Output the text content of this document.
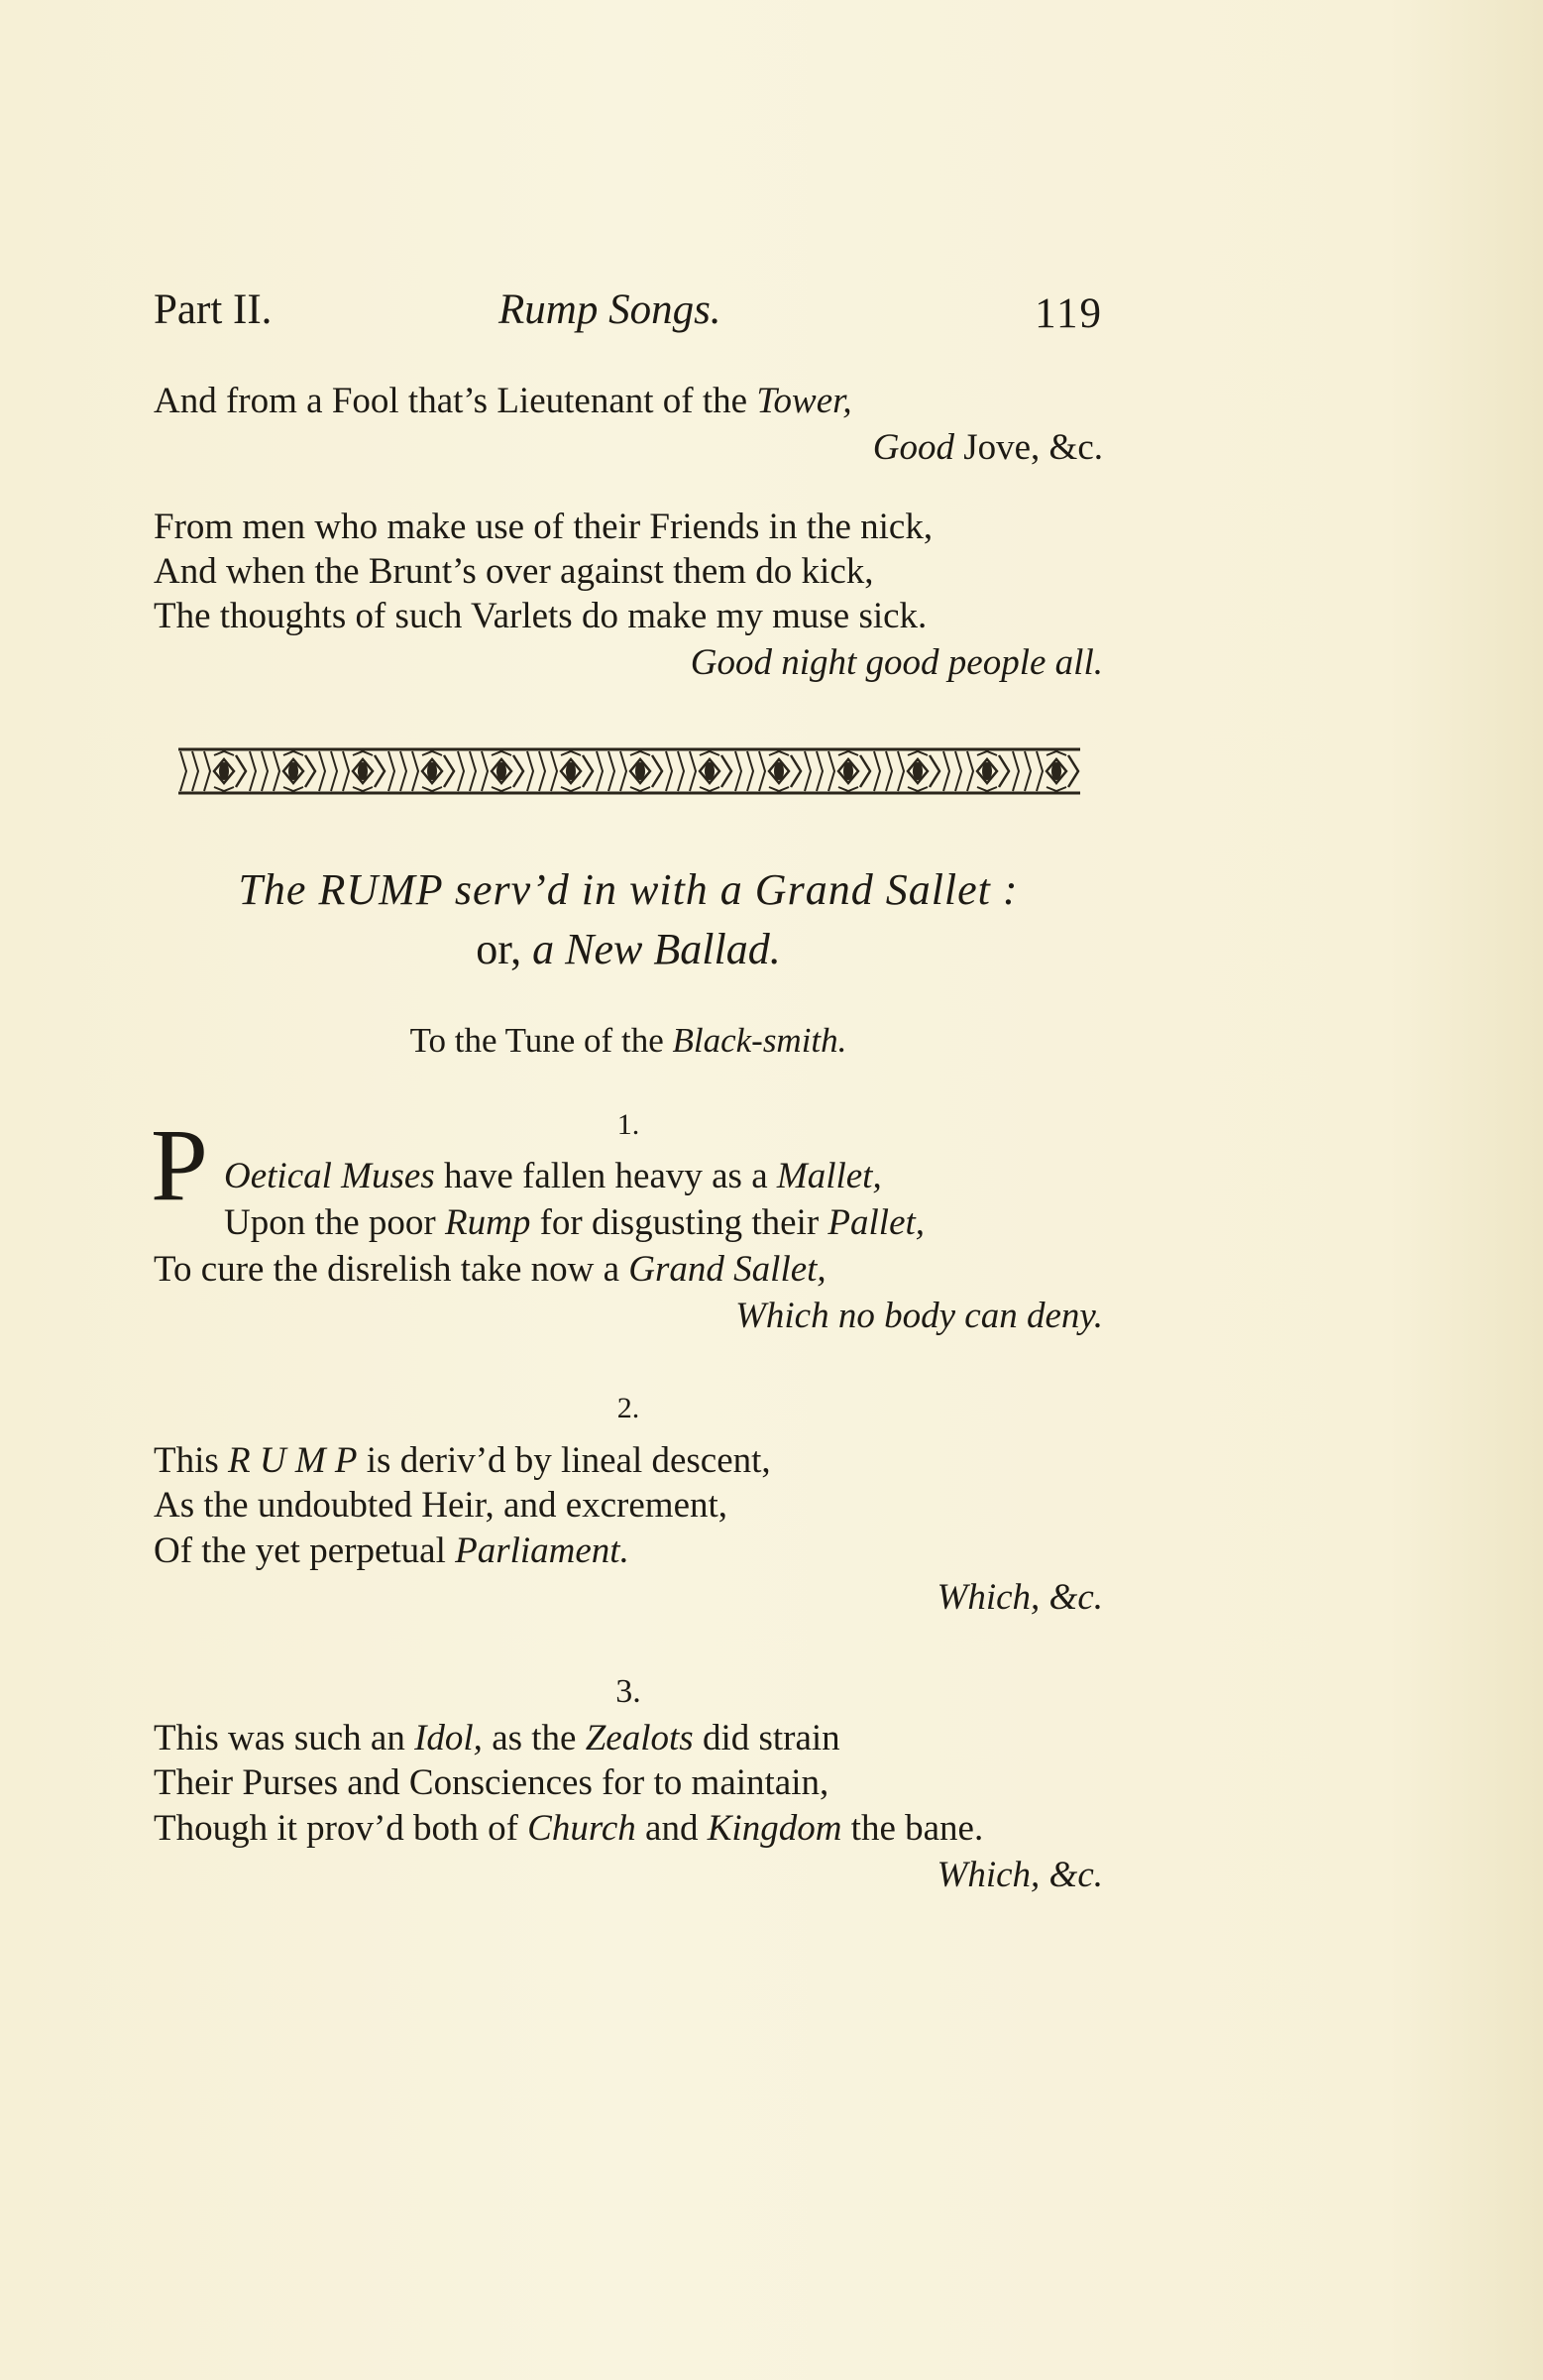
Part II.	Rump Songs.	119
And from a Fool that’s Lieutenant of the Tower,
Good Jove, &c.
From men who make use of their Friends in the nick,
And when the Brunt’s over against them do kick,
The thoughts of such Varlets do make my muse sick.
Good night good people all.
The RUMP serv’d in with a Grand Sallet :
or, a New Ballad.
To the Tune of the Black-smith.
1.
P Oetical Muses have fallen heavy as a Mallet,
Upon the poor Rump for disgusting their Pallet,
To cure the disrelish take now a Grand Sallet,
Which no body can deny.
2.
This R U M P is deriv’d by lineal descent,
As the undoubted Heir, and excrement,
Of the yet perpetual Parliament.
Which, &c.
3.
This was such an Idol, as the Zealots did strain
Their Purses and Consciences for to maintain,
Though it prov’d both of Church and Kingdom the bane.
Which, &c.
